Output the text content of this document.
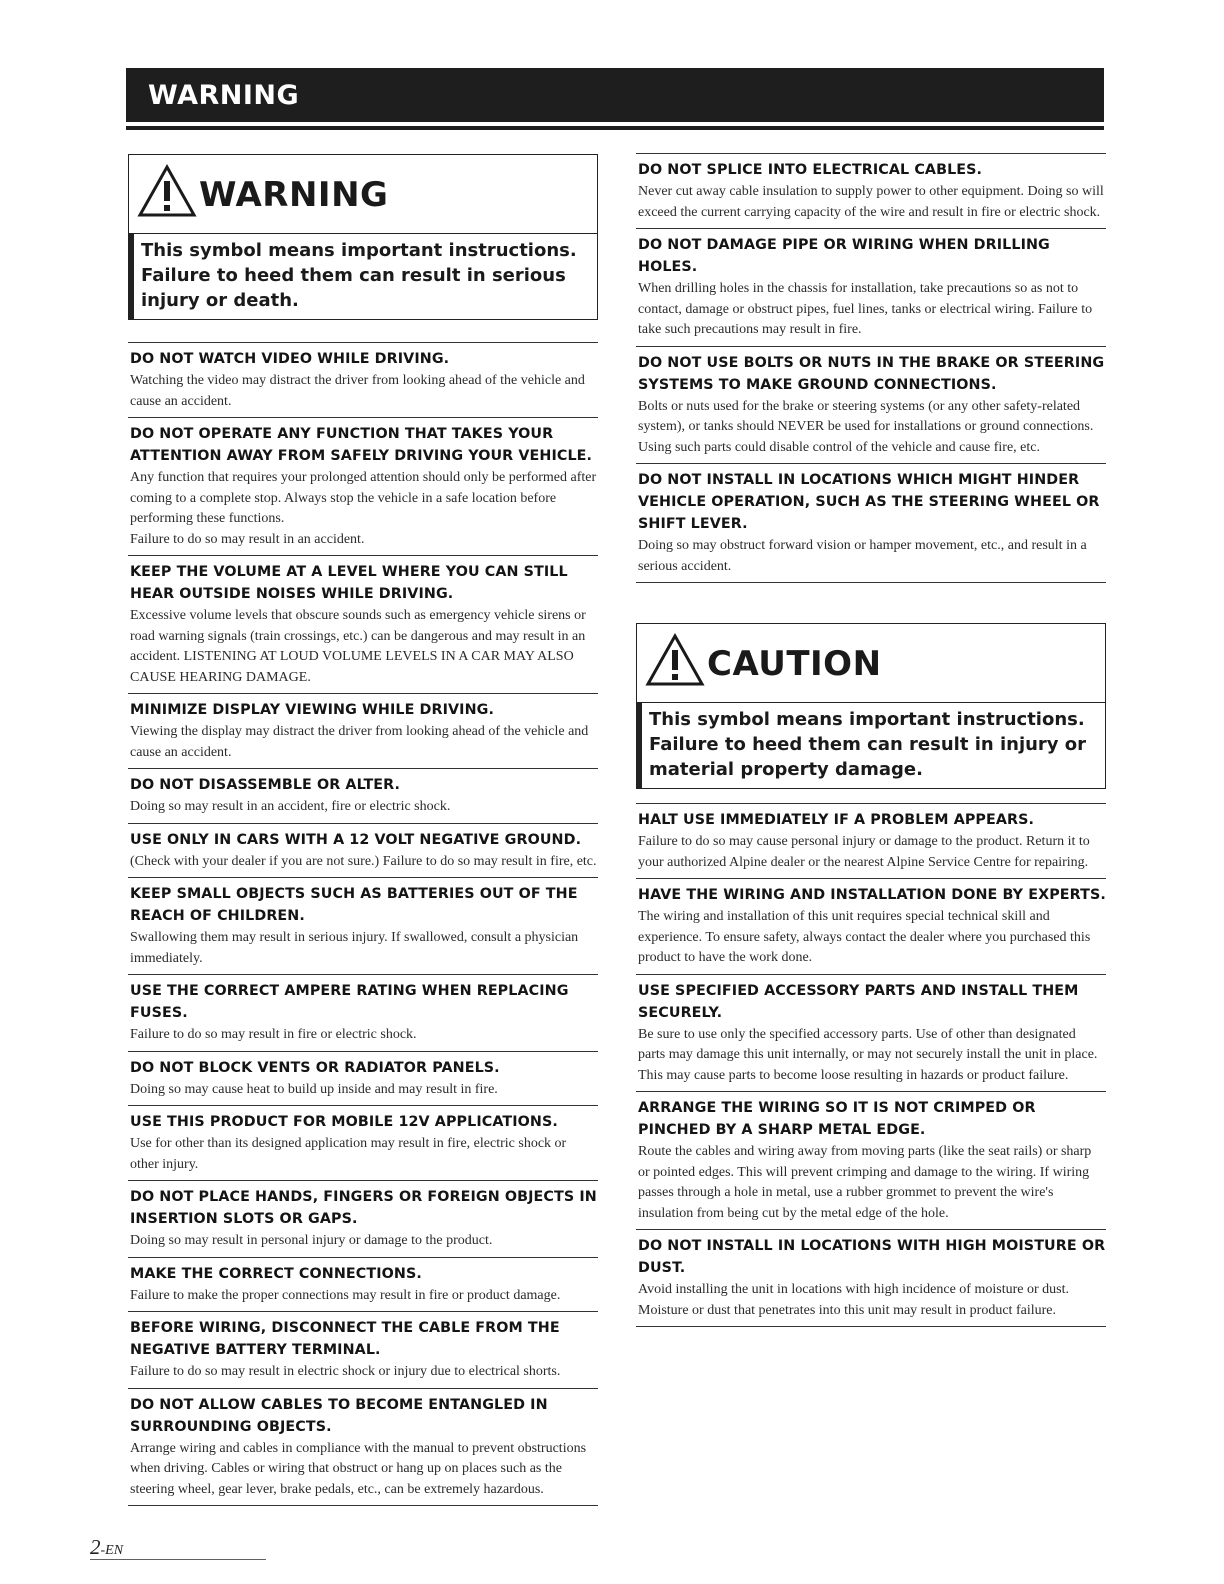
WARNING
WARNING
This symbol means important instructions. Failure to heed them can result in serious injury or death.
DO NOT WATCH VIDEO WHILE DRIVING.

Watching the video may distract the driver from looking ahead of the vehicle and cause an accident.

DO NOT OPERATE ANY FUNCTION THAT TAKES YOUR ATTENTION AWAY FROM SAFELY DRIVING YOUR VEHICLE.

Any function that requires your prolonged attention should only be performed after coming to a complete stop. Always stop the vehicle in a safe location before performing these functions.

Failure to do so may result in an accident.

KEEP THE VOLUME AT A LEVEL WHERE YOU CAN STILL HEAR OUTSIDE NOISES WHILE DRIVING.

Excessive volume levels that obscure sounds such as emergency vehicle sirens or road warning signals (train crossings, etc.) can be dangerous and may result in an accident. LISTENING AT LOUD VOLUME LEVELS IN A CAR MAY ALSO CAUSE HEARING DAMAGE.

MINIMIZE DISPLAY VIEWING WHILE DRIVING.

Viewing the display may distract the driver from looking ahead of the vehicle and cause an accident.

DO NOT DISASSEMBLE OR ALTER.

Doing so may result in an accident, fire or electric shock.

USE ONLY IN CARS WITH A 12 VOLT NEGATIVE GROUND.

(Check with your dealer if you are not sure.) Failure to do so may result in fire, etc.

KEEP SMALL OBJECTS SUCH AS BATTERIES OUT OF THE REACH OF CHILDREN.

Swallowing them may result in serious injury. If swallowed, consult a physician immediately.

USE THE CORRECT AMPERE RATING WHEN REPLACING FUSES.

Failure to do so may result in fire or electric shock.

DO NOT BLOCK VENTS OR RADIATOR PANELS.

Doing so may cause heat to build up inside and may result in fire.

USE THIS PRODUCT FOR MOBILE 12V APPLICATIONS.

Use for other than its designed application may result in fire, electric shock or other injury.

DO NOT PLACE HANDS, FINGERS OR FOREIGN OBJECTS IN INSERTION SLOTS OR GAPS.

Doing so may result in personal injury or damage to the product.

MAKE THE CORRECT CONNECTIONS.

Failure to make the proper connections may result in fire or product damage.

BEFORE WIRING, DISCONNECT THE CABLE FROM THE NEGATIVE BATTERY TERMINAL.

Failure to do so may result in electric shock or injury due to electrical shorts.

DO NOT ALLOW CABLES TO BECOME ENTANGLED IN SURROUNDING OBJECTS.

Arrange wiring and cables in compliance with the manual to prevent obstructions when driving. Cables or wiring that obstruct or hang up on places such as the steering wheel, gear lever, brake pedals, etc., can be extremely hazardous.

DO NOT SPLICE INTO ELECTRICAL CABLES.

Never cut away cable insulation to supply power to other equipment. Doing so will exceed the current carrying capacity of the wire and result in fire or electric shock.

DO NOT DAMAGE PIPE OR WIRING WHEN DRILLING HOLES.

When drilling holes in the chassis for installation, take precautions so as not to contact, damage or obstruct pipes, fuel lines, tanks or electrical wiring. Failure to take such precautions may result in fire.

DO NOT USE BOLTS OR NUTS IN THE BRAKE OR STEERING SYSTEMS TO MAKE GROUND CONNECTIONS.

Bolts or nuts used for the brake or steering systems (or any other safety-related system), or tanks should NEVER be used for installations or ground connections. Using such parts could disable control of the vehicle and cause fire, etc.

DO NOT INSTALL IN LOCATIONS WHICH MIGHT HINDER VEHICLE OPERATION, SUCH AS THE STEERING WHEEL OR SHIFT LEVER.

Doing so may obstruct forward vision or hamper movement, etc., and result in a serious accident.

CAUTION
This symbol means important instructions. Failure to heed them can result in injury or material property damage.
HALT USE IMMEDIATELY IF A PROBLEM APPEARS.

Failure to do so may cause personal injury or damage to the product. Return it to your authorized Alpine dealer or the nearest Alpine Service Centre for repairing.

HAVE THE WIRING AND INSTALLATION DONE BY EXPERTS.

The wiring and installation of this unit requires special technical skill and experience. To ensure safety, always contact the dealer where you purchased this product to have the work done.

USE SPECIFIED ACCESSORY PARTS AND INSTALL THEM SECURELY.

Be sure to use only the specified accessory parts. Use of other than designated parts may damage this unit internally, or may not securely install the unit in place. This may cause parts to become loose resulting in hazards or product failure.

ARRANGE THE WIRING SO IT IS NOT CRIMPED OR PINCHED BY A SHARP METAL EDGE.

Route the cables and wiring away from moving parts (like the seat rails) or sharp or pointed edges. This will prevent crimping and damage to the wiring. If wiring passes through a hole in metal, use a rubber grommet to prevent the wire's insulation from being cut by the metal edge of the hole.

DO NOT INSTALL IN LOCATIONS WITH HIGH MOISTURE OR DUST.

Avoid installing the unit in locations with high incidence of moisture or dust. Moisture or dust that penetrates into this unit may result in product failure.

2-EN
